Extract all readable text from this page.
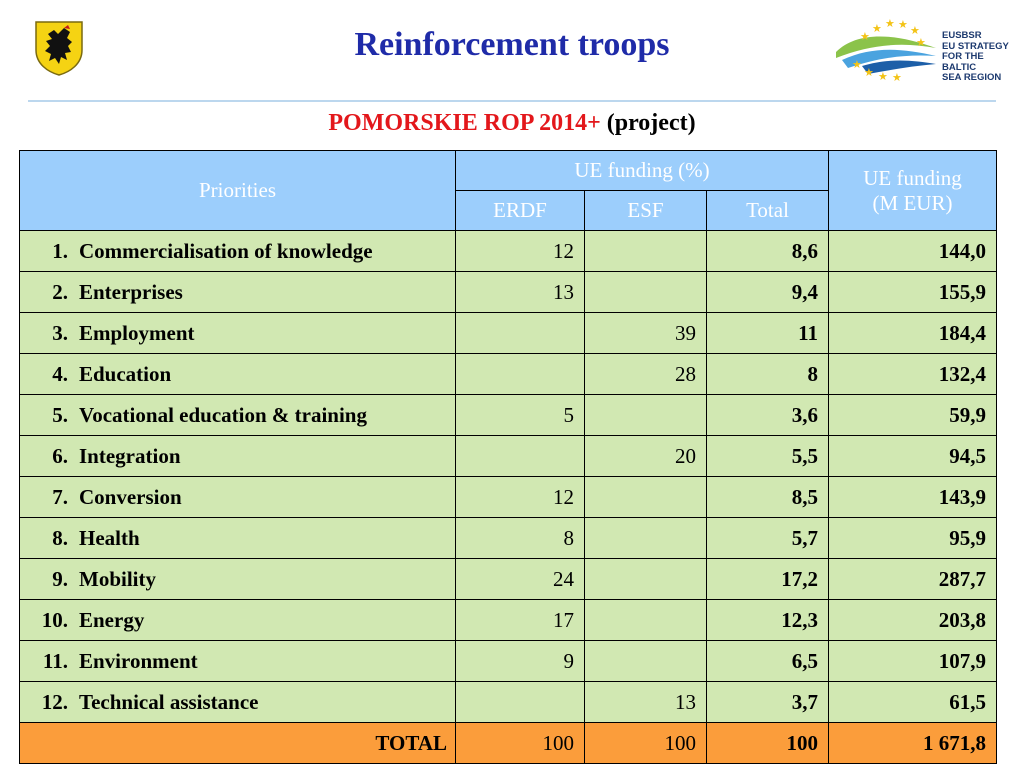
Reinforcement troops	★ ★ ★ ★
★
★
★
★ ★ ★
EUSBSR
EU STRATEGY
FOR THE BALTIC
SEA REGION
POMORSKIE ROP 2014+ (project)
Priorities	UE funding (%)			UE funding
(M EUR)
	ERDF	ESF	Total	
1. Commercialisation of knowledge	12		8,6	144,0
2. Enterprises	13		9,4	155,9
3. Employment		39	11	184,4
4. Education		28	8	132,4
5. Vocational education & training	5		3,6	59,9
6. Integration		20	5,5	94,5
7. Conversion	12		8,5	143,9
8. Health	8		5,7	95,9
9. Mobility	24		17,2	287,7
10. Energy	17		12,3	203,8
11. Environment	9		6,5	107,9
12. Technical assistance		13	3,7	61,5
TOTAL	100	100	100	1 671,8
